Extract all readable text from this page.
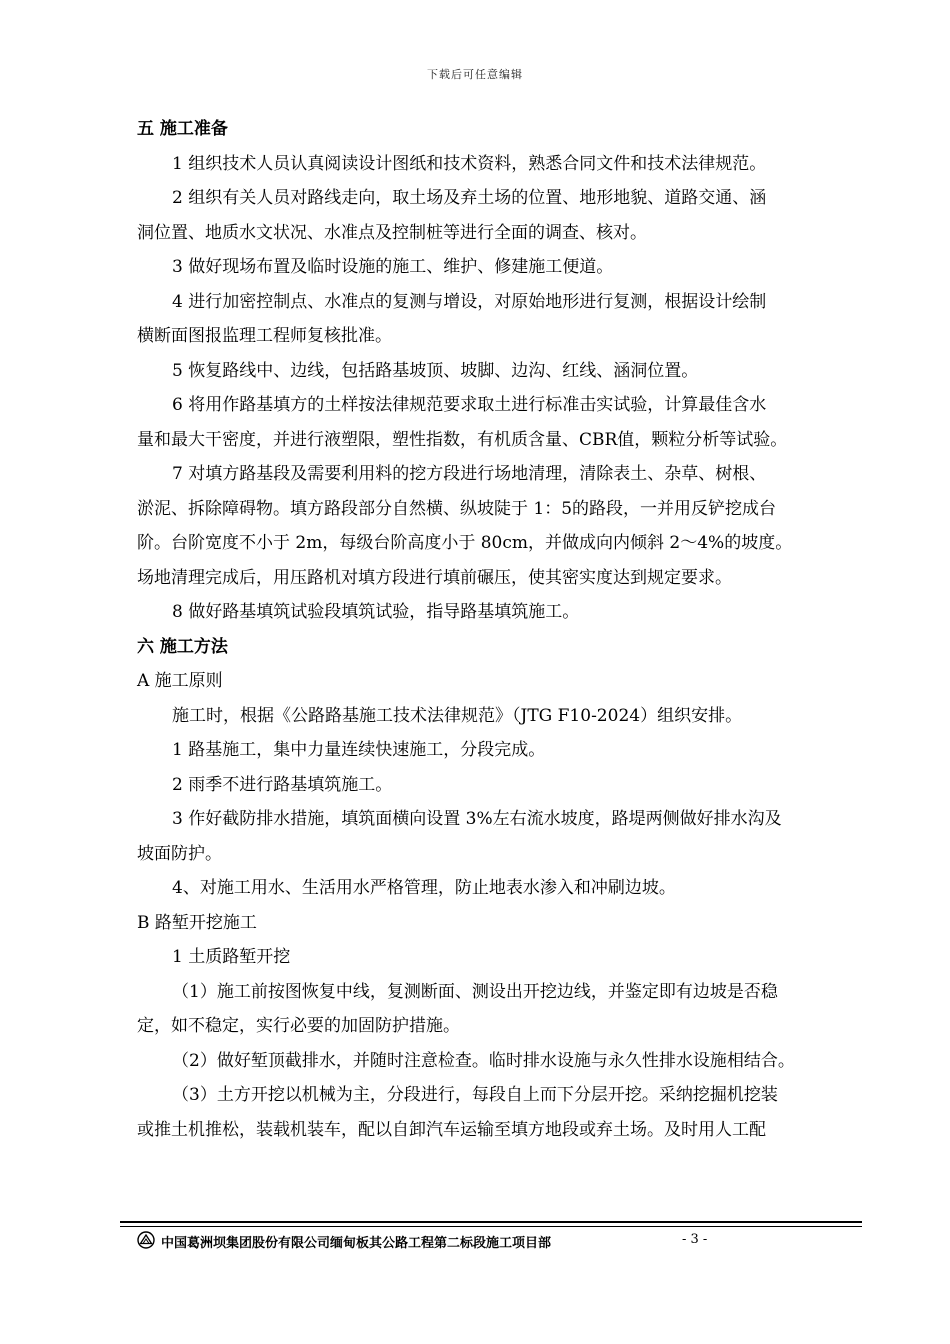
下载后可任意编辑

五 施工准备

1 组织技术人员认真阅读设计图纸和技术资料，熟悉合同文件和技术法律规范。

2 组织有关人员对路线走向，取土场及弃土场的位置、地形地貌、道路交通、涵

洞位置、地质水文状况、水准点及控制桩等进行全面的调查、核对。

3 做好现场布置及临时设施的施工、维护、修建施工便道。

4 进行加密控制点、水准点的复测与增设，对原始地形进行复测，根据设计绘制

横断面图报监理工程师复核批准。

5 恢复路线中、边线，包括路基坡顶、坡脚、边沟、红线、涵洞位置。

6 将用作路基填方的土样按法律规范要求取土进行标准击实试验，计算最佳含水

量和最大干密度，并进行液塑限，塑性指数，有机质含量、CBR值，颗粒分析等试验。

7 对填方路基段及需要利用料的挖方段进行场地清理，清除表土、杂草、树根、

淤泥、拆除障碍物。填方路段部分自然横、纵坡陡于 1：5的路段，一并用反铲挖成台

阶。台阶宽度不小于 2m，每级台阶高度小于 80cm，并做成向内倾斜 2～4%的坡度。

场地清理完成后，用压路机对填方段进行填前碾压，使其密实度达到规定要求。

8 做好路基填筑试验段填筑试验，指导路基填筑施工。

六 施工方法

A 施工原则

施工时，根据《公路路基施工技术法律规范》（JTG F10-2024）组织安排。

1 路基施工，集中力量连续快速施工，分段完成。

2 雨季不进行路基填筑施工。

3 作好截防排水措施，填筑面横向设置 3%左右流水坡度，路堤两侧做好排水沟及

坡面防护。

4、对施工用水、生活用水严格管理，防止地表水渗入和冲刷边坡。

B 路堑开挖施工

1 土质路堑开挖

（1）施工前按图恢复中线，复测断面、测设出开挖边线，并鉴定即有边坡是否稳

定，如不稳定，实行必要的加固防护措施。

（2）做好堑顶截排水，并随时注意检查。临时排水设施与永久性排水设施相结合。

（3）土方开挖以机械为主，分段进行，每段自上而下分层开挖。采纳挖掘机挖装

或推土机推松，装载机装车，配以自卸汽车运输至填方地段或弃土场。及时用人工配

中国葛洲坝集团股份有限公司缅甸板其公路工程第二标段施工项目部	- 3 -
